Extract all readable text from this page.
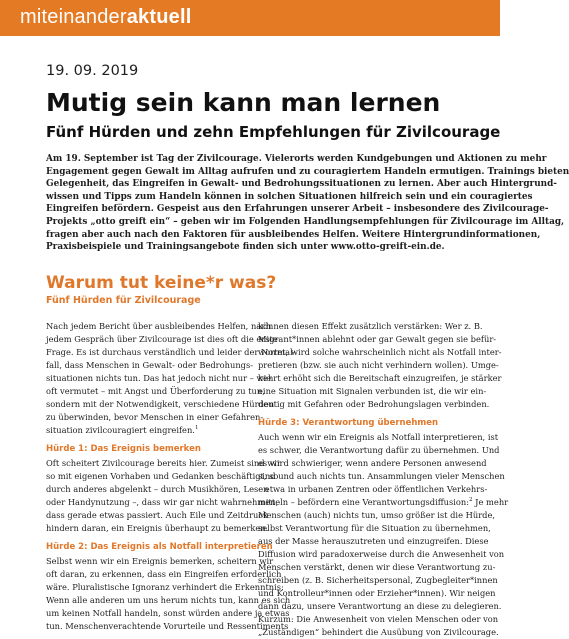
miteinanderaktuell
19. 09. 2019
Mutig sein kann man lernen
Fünf Hürden und zehn Empfehlungen für Zivilcourage
Am 19. September ist Tag der Zivilcourage. Vielerorts werden Kundgebungen und Aktionen zu mehr
Engagement gegen Gewalt im Alltag aufrufen und zu couragiertem Handeln ermutigen. Trainings bieten
Gelegenheit, das Eingreifen in Gewalt- und Bedrohungssituationen zu lernen. Aber auch Hintergrund-
wissen und Tipps zum Handeln können in solchen Situationen hilfreich sein und ein couragiertes
Eingreifen befördern. Gespeist aus den Erfahrungen unserer Arbeit – insbesondere des Zivilcourage-
Projekts „otto greift ein“ – geben wir im Folgenden Handlungsempfehlungen für Zivilcourage im Alltag,
fragen aber auch nach den Faktoren für ausbleibendes Helfen. Weitere Hintergrundinformationen,
Praxisbeispiele und Trainingsangebote finden sich unter www.otto-greift-ein.de.
Warum tut keine*r was?
Fünf Hürden für Zivilcourage
Nach jedem Bericht über ausbleibendes Helfen, nach
jedem Gespräch über Zivilcourage ist dies oft die erste
Frage. Es ist durchaus verständlich und leider der Normal-
fall, dass Menschen in Gewalt- oder Bedrohungs-
situationen nichts tun. Das hat jedoch nicht nur – wie
oft vermutet – mit Angst und Überforderung zu tun,
sondern mit der Notwendigkeit, verschiedene Hürden
zu überwinden, bevor Menschen in einer Gefahren-
situation zivilcouragiert eingreifen.$^1$
Hürde 1: Das Ereignis bemerken
Oft scheitert Zivilcourage bereits hier. Zumeist sind wir
so mit eigenen Vorhaben und Gedanken beschäftigt, so
durch anderes abgelenkt – durch Musikhören, Lesen
oder Handynutzung –, dass wir gar nicht wahrnehmen,
dass gerade etwas passiert. Auch Eile und Zeitdruck
hindern daran, ein Ereignis überhaupt zu bemerken.
Hürde 2: Das Ereignis als Notfall interpretieren
Selbst wenn wir ein Ereignis bemerken, scheitern wir
oft daran, zu erkennen, dass ein Eingreifen erforderlich
wäre. Pluralistische Ignoranz verhindert die Erkenntnis:
Wenn alle anderen um uns herum nichts tun, kann es sich
um keinen Notfall handeln, sonst würden andere ja etwas
tun. Menschenverachtende Vorurteile und Ressentiments
können diesen Effekt zusätzlich verstärken: Wer z. B.
Migrant*innen ablehnt oder gar Gewalt gegen sie befür-
wortet, wird solche wahrscheinlich nicht als Notfall inter-
pretieren (bzw. sie auch nicht verhindern wollen). Umge-
kehrt erhöht sich die Bereitschaft einzugreifen, je stärker
eine Situation mit Signalen verbunden ist, die wir ein-
deutig mit Gefahren oder Bedrohungslagen verbinden.
Hürde 3: Verantwortung übernehmen
Auch wenn wir ein Ereignis als Notfall interpretieren, ist
es schwer, die Verantwortung dafür zu übernehmen. Und
es wird schwieriger, wenn andere Personen anwesend
sind und auch nichts tun. Ansammlungen vieler Menschen
– etwa in urbanen Zentren oder öffentlichen Verkehrs-
mitteln – befördern eine Verantwortungsdiffusion:$^2$ Je mehr
Menschen (auch) nichts tun, umso größer ist die Hürde,
selbst Verantwortung für die Situation zu übernehmen,
aus der Masse herauszutreten und einzugreifen. Diese
Diffusion wird paradoxerweise durch die Anwesenheit von
Menschen verstärkt, denen wir diese Verantwortung zu-
schreiben (z. B. Sicherheitspersonal, Zugbegleiter*innen
und Kontrolleur*innen oder Erzieher*innen). Wir neigen
dann dazu, unsere Verantwortung an diese zu delegieren.
Kurzum: Die Anwesenheit von vielen Menschen oder von
„Zuständigen“ behindert die Ausübung von Zivilcourage.
